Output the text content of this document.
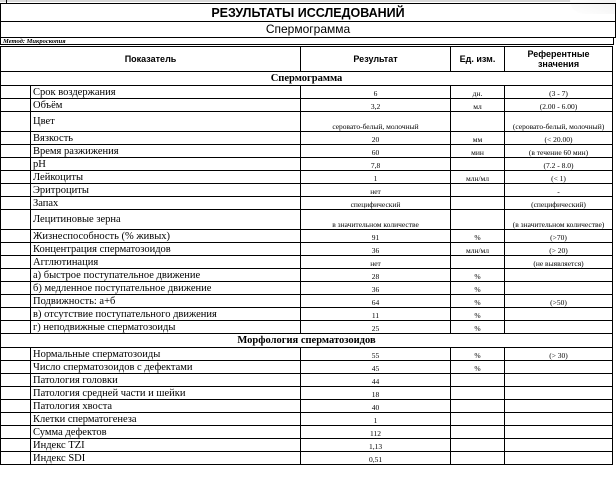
РЕЗУЛЬТАТЫ ИССЛЕДОВАНИЙ
Спермограмма
Метод: Микроскопия
Показатель		Результат	Ед. изм.	Референтные значения
Спермограмма				
	Срок воздержания	6	дн.	(3 - 7)
	Объём	3,2	мл	(2.00 - 6.00)
	Цвет	серовато-белый, молочный		(серовато-белый, молочный)
	Вязкость	20	мм	(< 20.00)
	Время разжижения	60	мин	(в течение 60 мин)
	pH	7,8		(7.2 - 8.0)
	Лейкоциты	1	млн/мл	(< 1)
	Эритроциты	нет		-
	Запах	специфический		(специфический)
	Лецитиновые зерна	в значительном количестве		(в значительном количестве)
	Жизнеспособность (% живых)	91	%	(>70)
	Концентрация сперматозоидов	36	млн/мл	(> 20)
	Агглютинация	нет		(не выявляется)
	а) быстрое поступательное движение	28	%	
	б) медленное поступательное движение	36	%	
	Подвижность: а+б	64	%	(>50)
	в) отсутствие поступательного движения	11	%	
	г) неподвижные сперматозоиды	25	%	
Морфология сперматозоидов				
	Нормальные сперматозоиды	55	%	(> 30)
	Число сперматозоидов с дефектами	45	%	
	Патология головки	44		
	Патология средней части и шейки	18		
	Патология хвоста	40		
	Клетки сперматогенеза	1		
	Сумма дефектов	112		
	Индекс TZI	1,13		
	Индекс SDI	0,51		
